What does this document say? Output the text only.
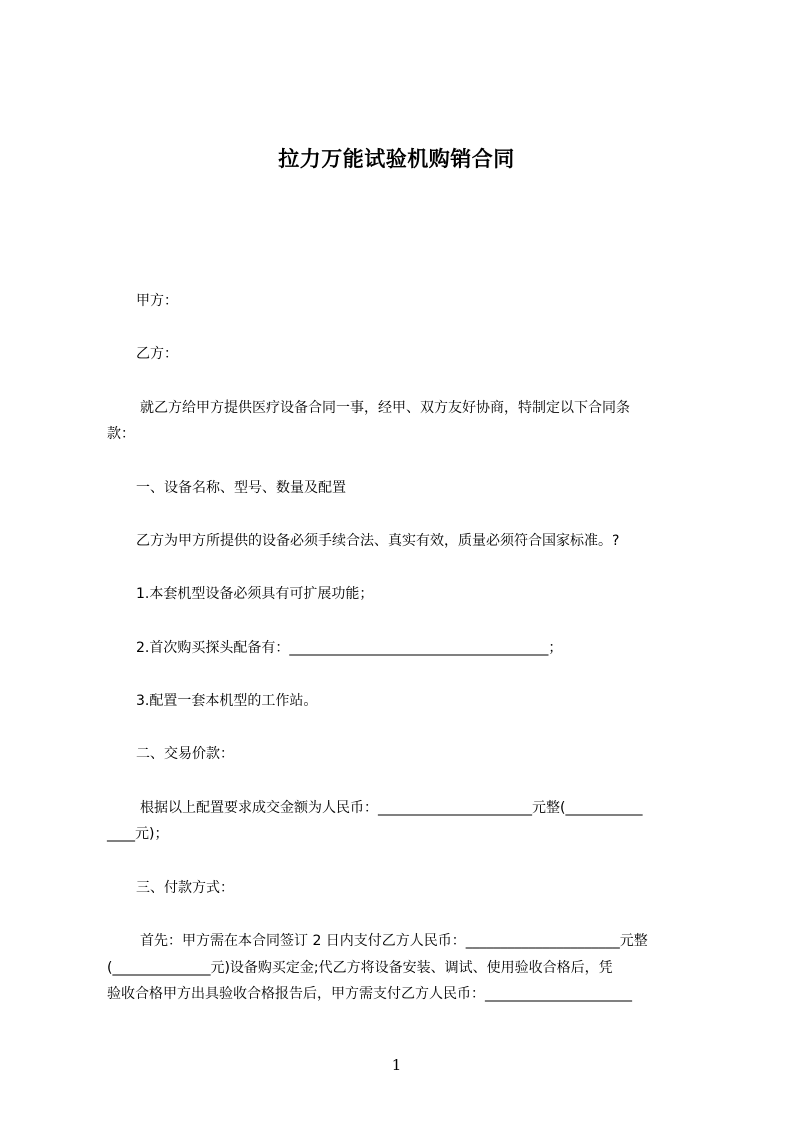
拉力万能试验机购销合同
甲方：
乙方：
就乙方给甲方提供医疗设备合同一事，经甲、双方友好协商，特制定以下合同条
款：
一、设备名称、型号、数量及配置
乙方为甲方所提供的设备必须手续合法、真实有效，质量必须符合国家标准。?
1.本套机型设备必须具有可扩展功能；
2.首次购买探头配备有：_____________________________________；
3.配置一套本机型的工作站。
二、交易价款：
根据以上配置要求成交金额为人民币：______________________元整(___________
____元)；
三、付款方式：
首先：甲方需在本合同签订 2 日内支付乙方人民币：______________________元整
(______________元)设备购买定金;代乙方将设备安装、调试、使用验收合格后，凭
验收合格甲方出具验收合格报告后，甲方需支付乙方人民币：_____________________
1
